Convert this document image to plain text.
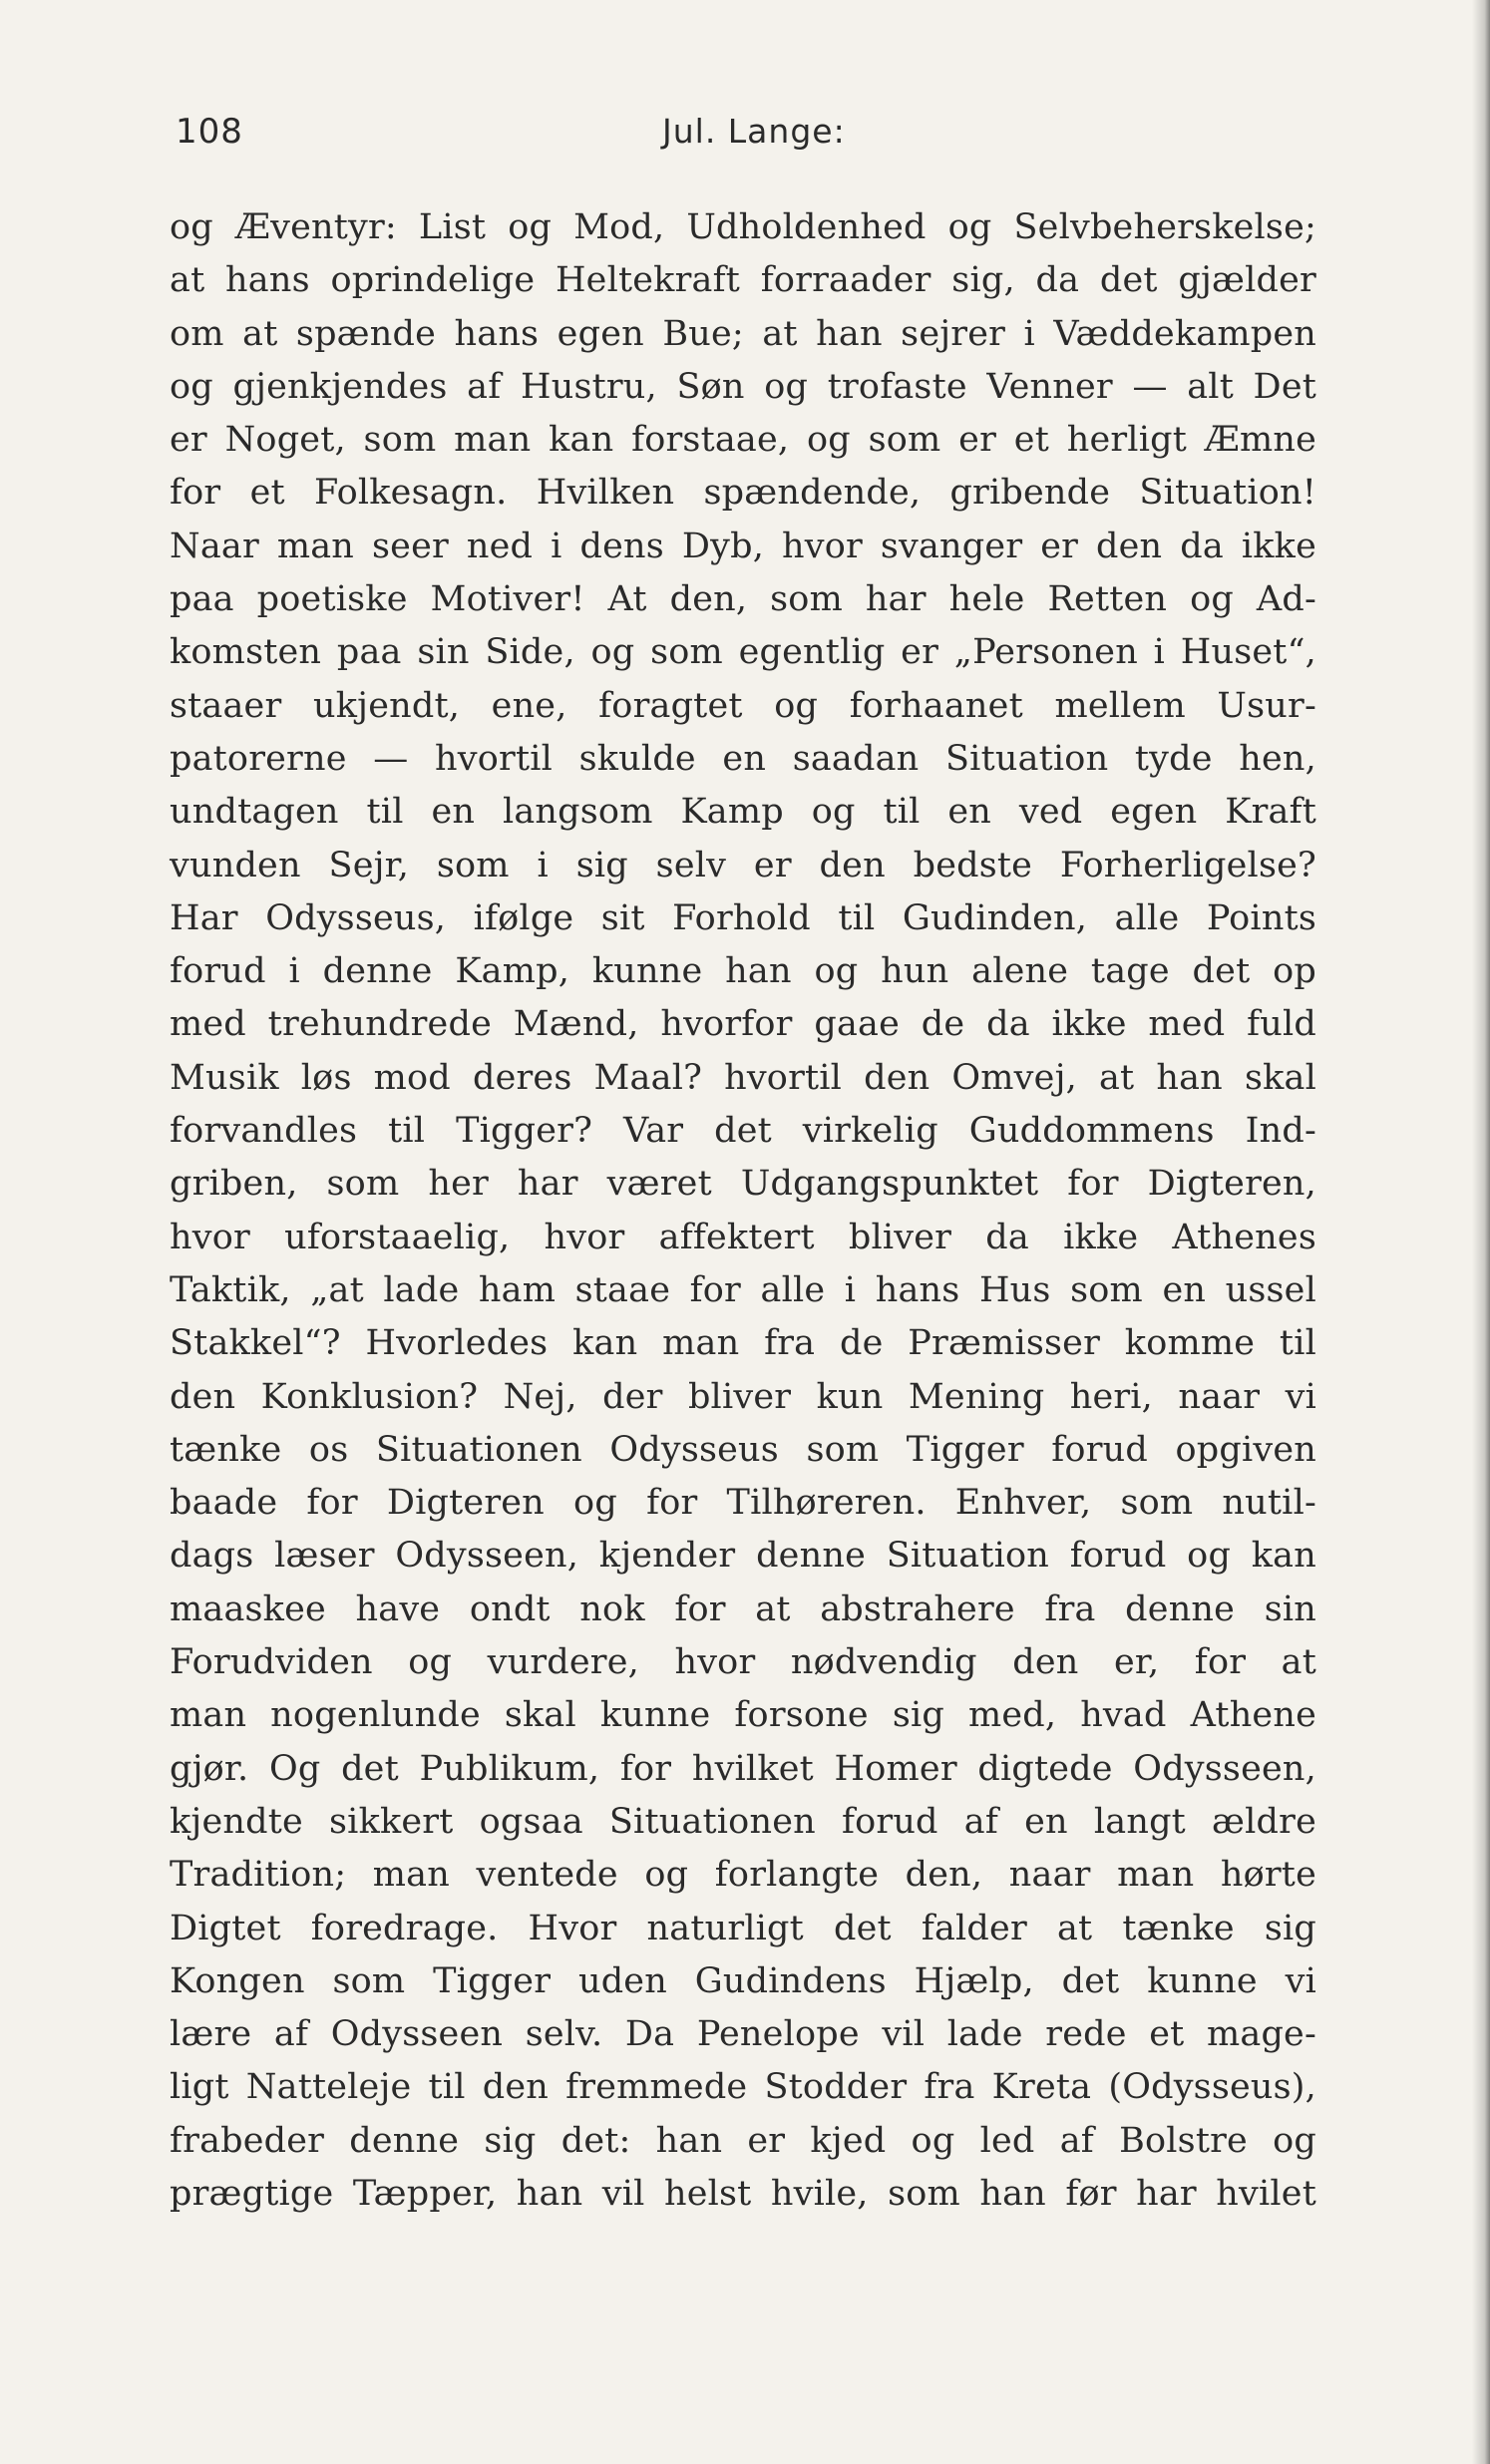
108	Jul. Lange:
og Æventyr: List og Mod, Udholdenhed og Selvbeherskelse;
at hans oprindelige Heltekraft forraader sig, da det gjælder
om at spænde hans egen Bue; at han sejrer i Væddekampen
og gjenkjendes af Hustru, Søn og trofaste Venner — alt Det
er Noget, som man kan forstaae, og som er et herligt Æmne
for et Folkesagn. Hvilken spændende, gribende Situation!
Naar man seer ned i dens Dyb, hvor svanger er den da ikke
paa poetiske Motiver! At den, som har hele Retten og Ad-
komsten paa sin Side, og som egentlig er „Personen i Huset“,
staaer ukjendt, ene, foragtet og forhaanet mellem Usur-
patorerne — hvortil skulde en saadan Situation tyde hen,
undtagen til en langsom Kamp og til en ved egen Kraft
vunden Sejr, som i sig selv er den bedste Forherligelse?
Har Odysseus, ifølge sit Forhold til Gudinden, alle Points
forud i denne Kamp, kunne han og hun alene tage det op
med trehundrede Mænd, hvorfor gaae de da ikke med fuld
Musik løs mod deres Maal? hvortil den Omvej, at han skal
forvandles til Tigger? Var det virkelig Guddommens Ind-
griben, som her har været Udgangspunktet for Digteren,
hvor uforstaaelig, hvor affektert bliver da ikke Athenes
Taktik, „at lade ham staae for alle i hans Hus som en ussel
Stakkel“? Hvorledes kan man fra de Præmisser komme til
den Konklusion? Nej, der bliver kun Mening heri, naar vi
tænke os Situationen Odysseus som Tigger forud opgiven
baade for Digteren og for Tilhøreren. Enhver, som nutil-
dags læser Odysseen, kjender denne Situation forud og kan
maaskee have ondt nok for at abstrahere fra denne sin
Forudviden og vurdere, hvor nødvendig den er, for at
man nogenlunde skal kunne forsone sig med, hvad Athene
gjør. Og det Publikum, for hvilket Homer digtede Odysseen,
kjendte sikkert ogsaa Situationen forud af en langt ældre
Tradition; man ventede og forlangte den, naar man hørte
Digtet foredrage. Hvor naturligt det falder at tænke sig
Kongen som Tigger uden Gudindens Hjælp, det kunne vi
lære af Odysseen selv. Da Penelope vil lade rede et mage-
ligt Natteleje til den fremmede Stodder fra Kreta (Odysseus),
frabeder denne sig det: han er kjed og led af Bolstre og
prægtige Tæpper, han vil helst hvile, som han før har hvilet
